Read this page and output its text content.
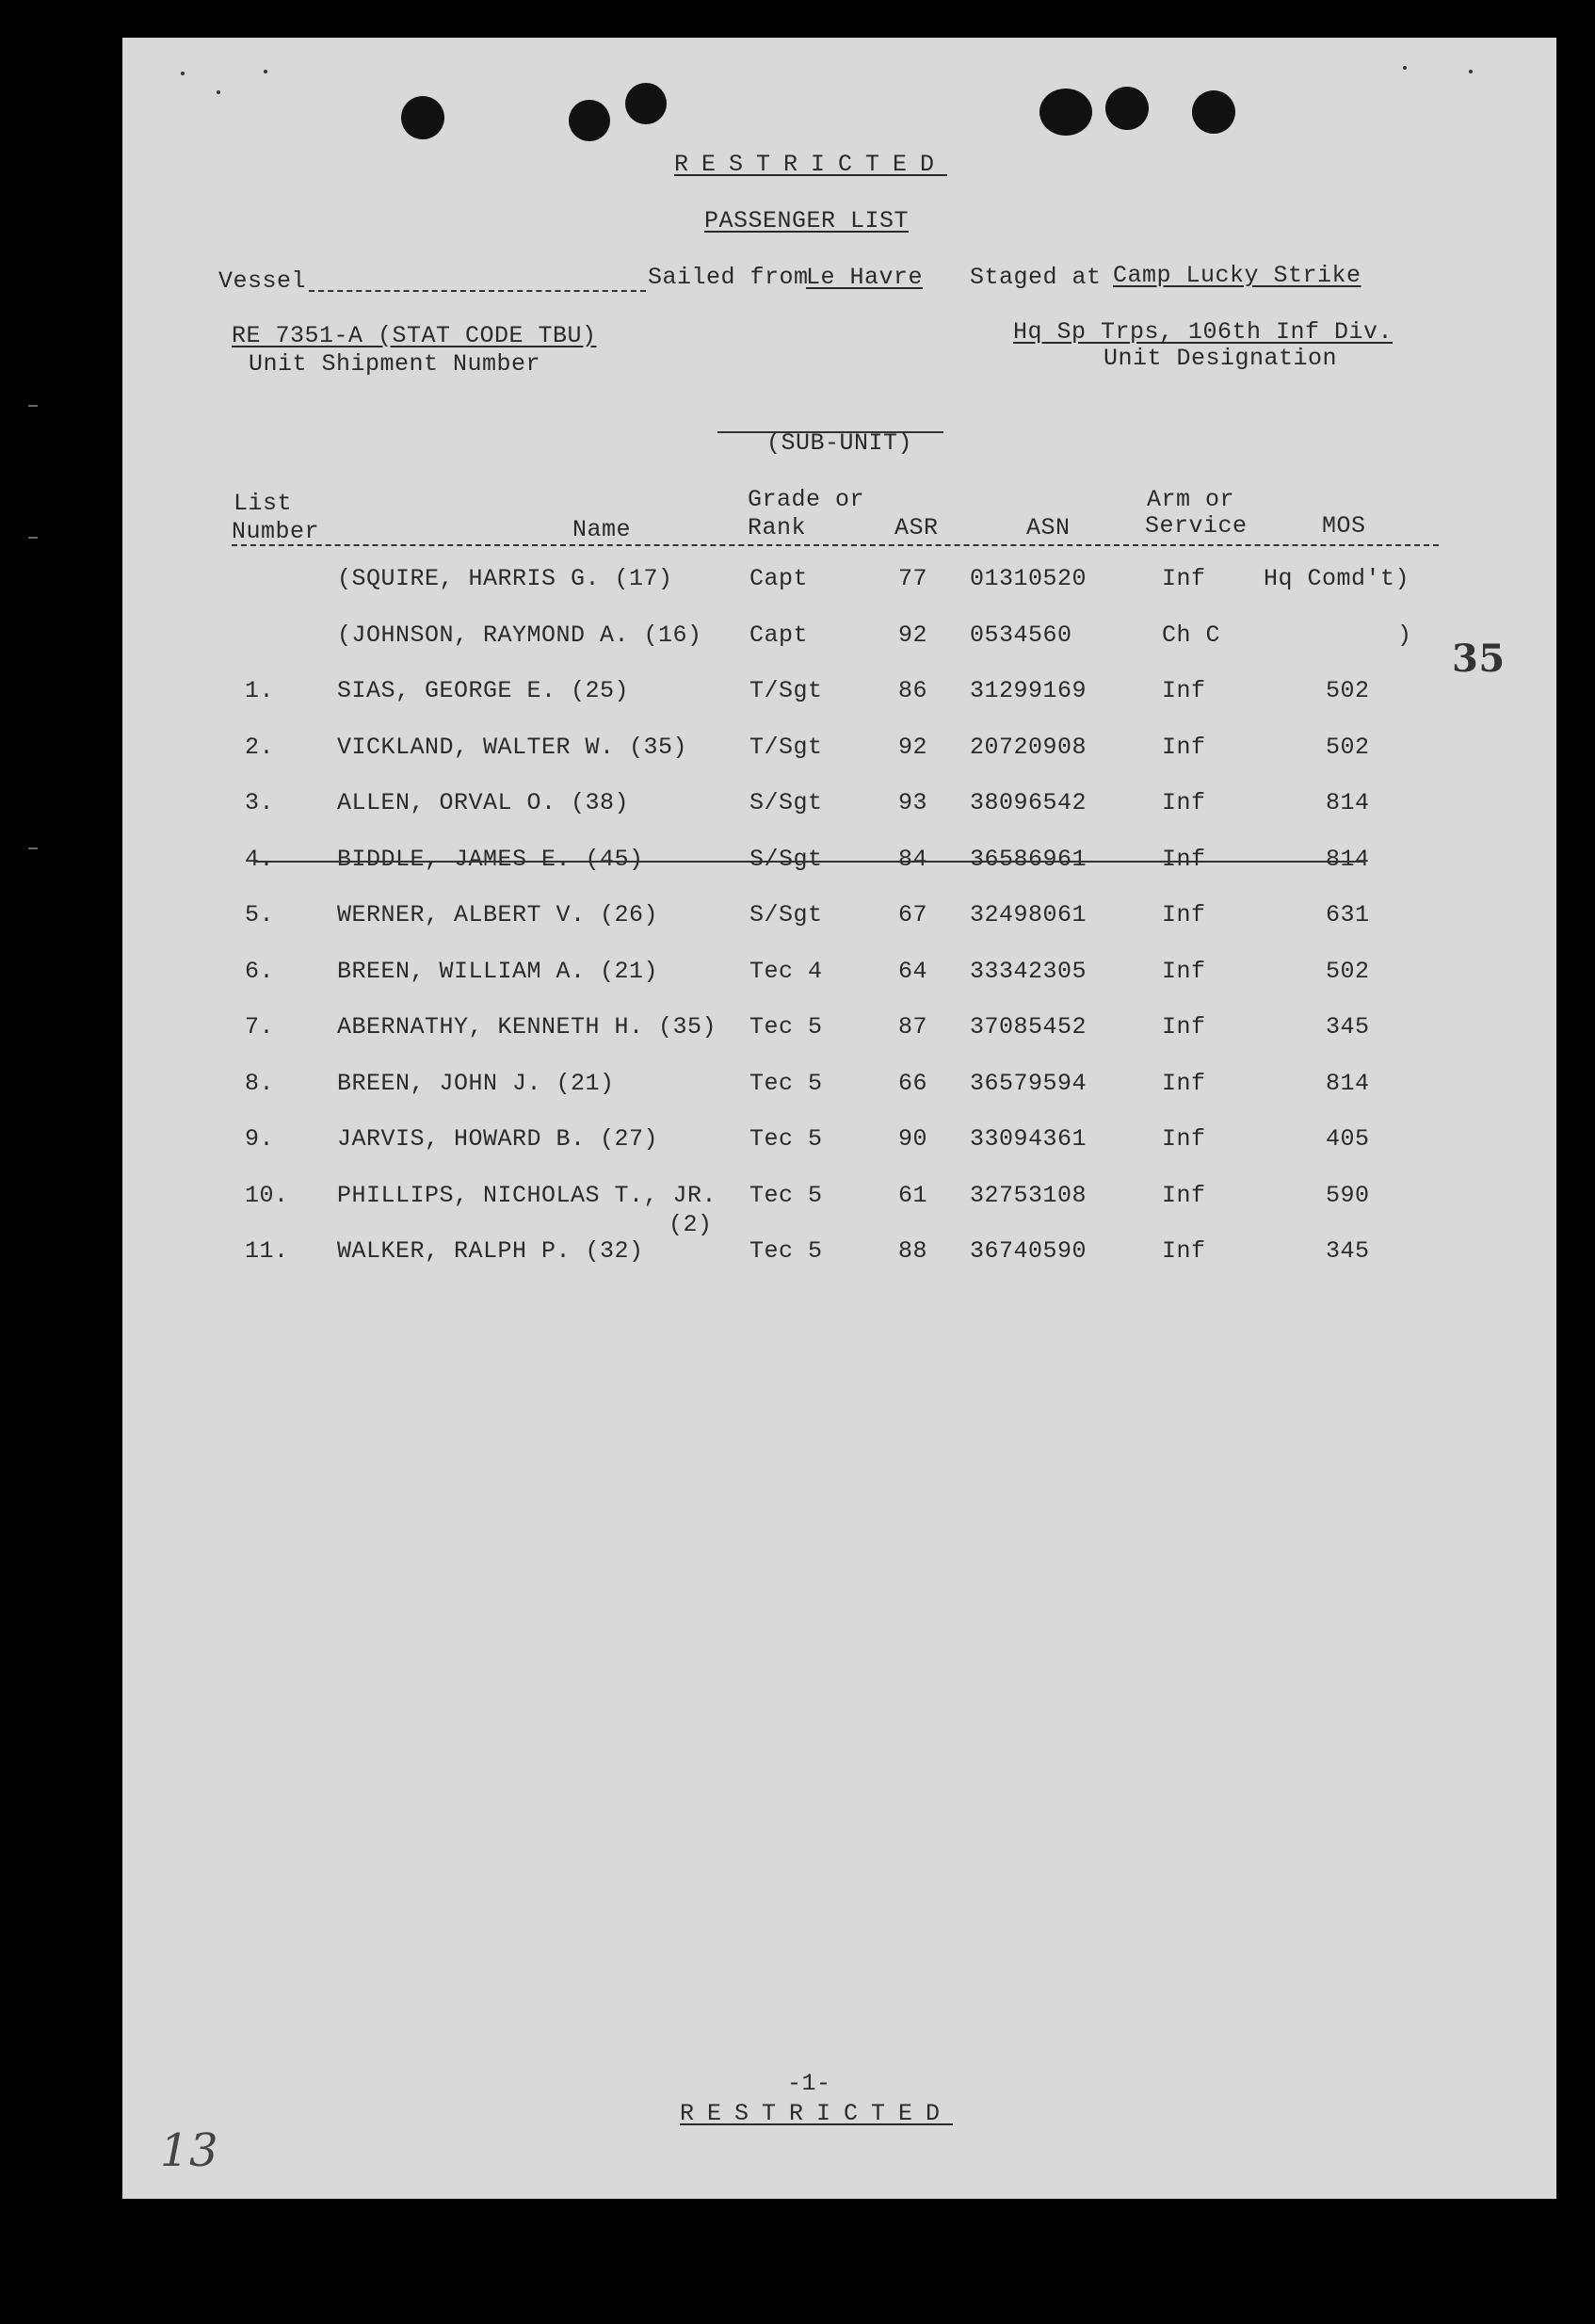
RESTRICTED
PASSENGER LIST
Vessel	Sailed from
Le Havre Staged at Camp Lucky Strike
RE 7351-A (STAT CODE TBU)
Unit Shipment Number
Hq Sp Trps, 106th Inf Div.
Unit Designation
(SUB-UNIT)
List
Number	Name
Grade or
Rank	ASR	ASN
Arm or
Service	MOS
(SQUIRE, HARRIS G. (17)	Capt	77 01310520	Inf Hq Comd't)
(JOHNSON, RAYMOND A. (16) Capt	92 0534560	Ch C	)
1.	SIAS, GEORGE E. (25)	T/Sgt	86 31299169	Inf	502
2.	VICKLAND, WALTER W. (35)	T/Sgt	92 20720908	Inf	502
3.	ALLEN, ORVAL O. (38)	S/Sgt	93 38096542	Inf	814
4.	BIDDLE, JAMES E. (45)	S/Sgt	84 36586961	Inf	814
5.	WERNER, ALBERT V. (26)	S/Sgt	67 32498061	Inf	631
6.	BREEN, WILLIAM A. (21)	Tec 4	64 33342305	Inf	502
7.	ABERNATHY, KENNETH H. (35) Tec 5	87 37085452	Inf	345
8.	BREEN, JOHN J. (21)	Tec 5	66 36579594	Inf	814
9.	JARVIS, HOWARD B. (27)	Tec 5	90 33094361	Inf	405
10. PHILLIPS, NICHOLAS T., JR. Tec 5	61 32753108	Inf	590
11. WALKER, RALPH P. (32)	Tec 5	88 36740590	Inf	345
(2)
35
-1-
RESTRICTED
13
